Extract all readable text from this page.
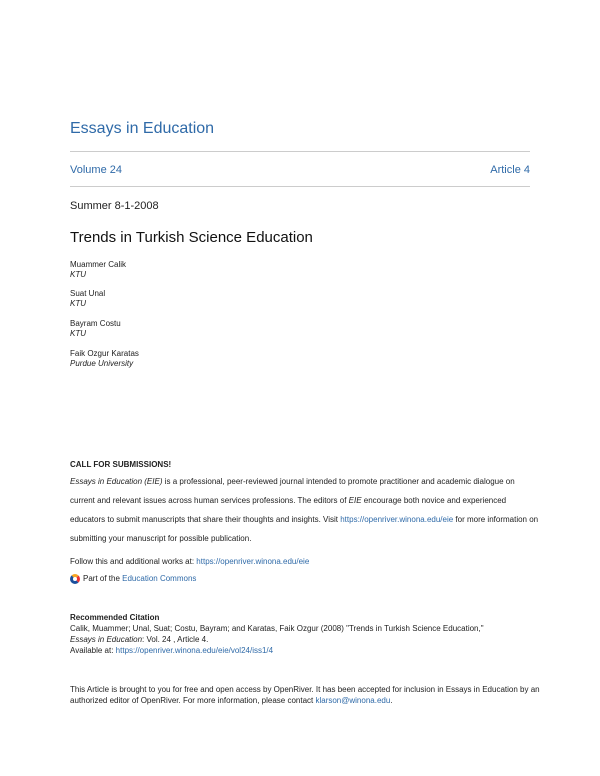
Essays in Education
Volume 24	Article 4
Summer 8-1-2008
Trends in Turkish Science Education
Muammer Calik
KTU
Suat Unal
KTU
Bayram Costu
KTU
Faik Ozgur Karatas
Purdue University
CALL FOR SUBMISSIONS!
Essays in Education (EIE) is a professional, peer-reviewed journal intended to promote practitioner and academic dialogue on current and relevant issues across human services professions. The editors of EIE encourage both novice and experienced educators to submit manuscripts that share their thoughts and insights. Visit https://openriver.winona.edu/eie for more information on submitting your manuscript for possible publication.
Follow this and additional works at: https://openriver.winona.edu/eie
Part of the Education Commons
Recommended Citation
Calik, Muammer; Unal, Suat; Costu, Bayram; and Karatas, Faik Ozgur (2008) "Trends in Turkish Science Education,"
Essays in Education: Vol. 24 , Article 4.
Available at: https://openriver.winona.edu/eie/vol24/iss1/4
This Article is brought to you for free and open access by OpenRiver. It has been accepted for inclusion in Essays in Education by an authorized editor of OpenRiver. For more information, please contact klarson@winona.edu.
